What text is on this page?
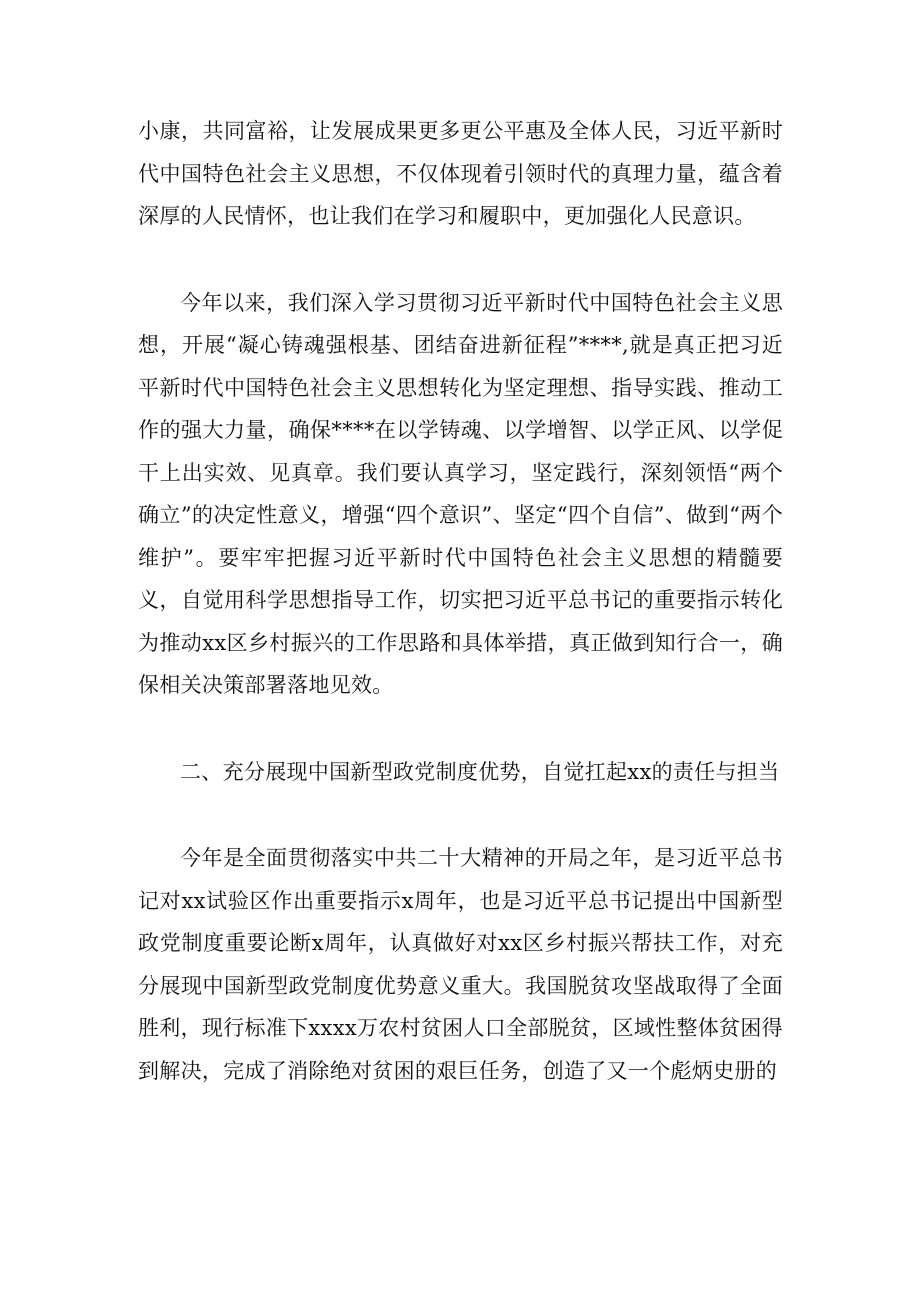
小康，共同富裕，让发展成果更多更公平惠及全体人民，习近平新时代中国特色社会主义思想，不仅体现着引领时代的真理力量，蕴含着深厚的人民情怀，也让我们在学习和履职中，更加强化人民意识。

今年以来，我们深入学习贯彻习近平新时代中国特色社会主义思想，开展“凝心铸魂强根基、团结奋进新征程”****,就是真正把习近平新时代中国特色社会主义思想转化为坚定理想、指导实践、推动工作的强大力量，确保****在以学铸魂、以学增智、以学正风、以学促干上出实效、见真章。我们要认真学习，坚定践行，深刻领悟“两个确立”的决定性意义，增强“四个意识”、坚定“四个自信”、做到“两个维护”。要牢牢把握习近平新时代中国特色社会主义思想的精髓要义，自觉用科学思想指导工作，切实把习近平总书记的重要指示转化为推动xx区乡村振兴的工作思路和具体举措，真正做到知行合一，确保相关决策部署落地见效。

二、充分展现中国新型政党制度优势，自觉扛起xx的责任与担当

今年是全面贯彻落实中共二十大精神的开局之年，是习近平总书记对xx试验区作出重要指示x周年，也是习近平总书记提出中国新型政党制度重要论断x周年，认真做好对xx区乡村振兴帮扶工作，对充分展现中国新型政党制度优势意义重大。我国脱贫攻坚战取得了全面胜利，现行标准下xxxx万农村贫困人口全部脱贫，区域性整体贫困得到解决，完成了消除绝对贫困的艰巨任务，创造了又一个彪炳史册的
